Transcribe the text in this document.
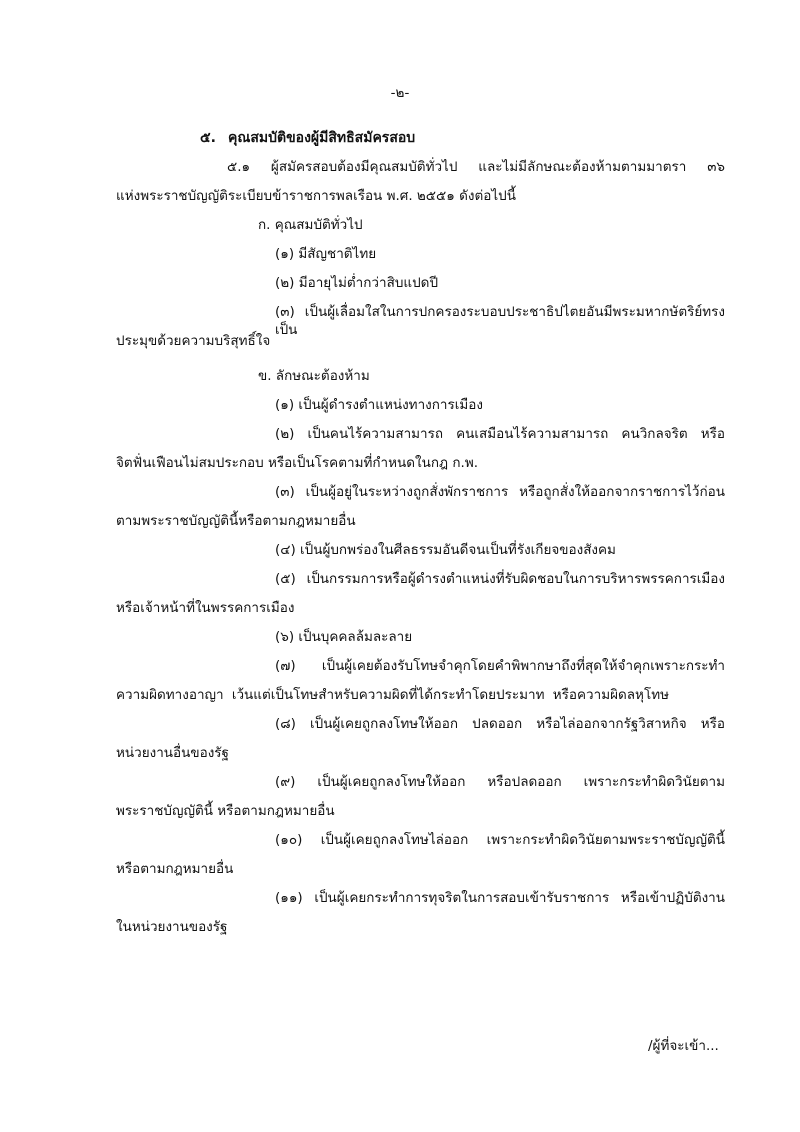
-๒-
๕. คุณสมบัติของผู้มีสิทธิสมัครสอบ
๕.๑ ผู้สมัครสอบต้องมีคุณสมบัติทั่วไป และไม่มีลักษณะต้องห้ามตามมาตรา ๓๖
แห่งพระราชบัญญัติระเบียบข้าราชการพลเรือน พ.ศ. ๒๕๕๑ ดังต่อไปนี้
ก. คุณสมบัติทั่วไป
(๑) มีสัญชาติไทย
(๒) มีอายุไม่ต่ำกว่าสิบแปดปี
(๓) เป็นผู้เลื่อมใสในการปกครองระบอบประชาธิปไตยอันมีพระมหากษัตริย์ทรงเป็น
ประมุขด้วยความบริสุทธิ์ใจ
ข. ลักษณะต้องห้าม
(๑) เป็นผู้ดำรงตำแหน่งทางการเมือง
(๒) เป็นคนไร้ความสามารถ คนเสมือนไร้ความสามารถ คนวิกลจริต หรือ
จิตฟั่นเฟือนไม่สมประกอบ หรือเป็นโรคตามที่กำหนดในกฎ ก.พ.
(๓) เป็นผู้อยู่ในระหว่างถูกสั่งพักราชการ หรือถูกสั่งให้ออกจากราชการไว้ก่อน
ตามพระราชบัญญัตินี้หรือตามกฎหมายอื่น
(๔) เป็นผู้บกพร่องในศีลธรรมอันดีจนเป็นที่รังเกียจของสังคม
(๕) เป็นกรรมการหรือผู้ดำรงตำแหน่งที่รับผิดชอบในการบริหารพรรคการเมือง
หรือเจ้าหน้าที่ในพรรคการเมือง
(๖) เป็นบุคคลล้มละลาย
(๗) เป็นผู้เคยต้องรับโทษจำคุกโดยคำพิพากษาถึงที่สุดให้จำคุกเพราะกระทำ
ความผิดทางอาญา เว้นแต่เป็นโทษสำหรับความผิดที่ได้กระทำโดยประมาท หรือความผิดลหุโทษ
(๘) เป็นผู้เคยถูกลงโทษให้ออก ปลดออก หรือไล่ออกจากรัฐวิสาหกิจ หรือ
หน่วยงานอื่นของรัฐ
(๙) เป็นผู้เคยถูกลงโทษให้ออก หรือปลดออก เพราะกระทำผิดวินัยตาม
พระราชบัญญัตินี้ หรือตามกฎหมายอื่น
(๑๐) เป็นผู้เคยถูกลงโทษไล่ออก เพราะกระทำผิดวินัยตามพระราชบัญญัตินี้
หรือตามกฎหมายอื่น
(๑๑) เป็นผู้เคยกระทำการทุจริตในการสอบเข้ารับราชการ หรือเข้าปฏิบัติงาน
ในหน่วยงานของรัฐ
/ผู้ที่จะเข้า...
